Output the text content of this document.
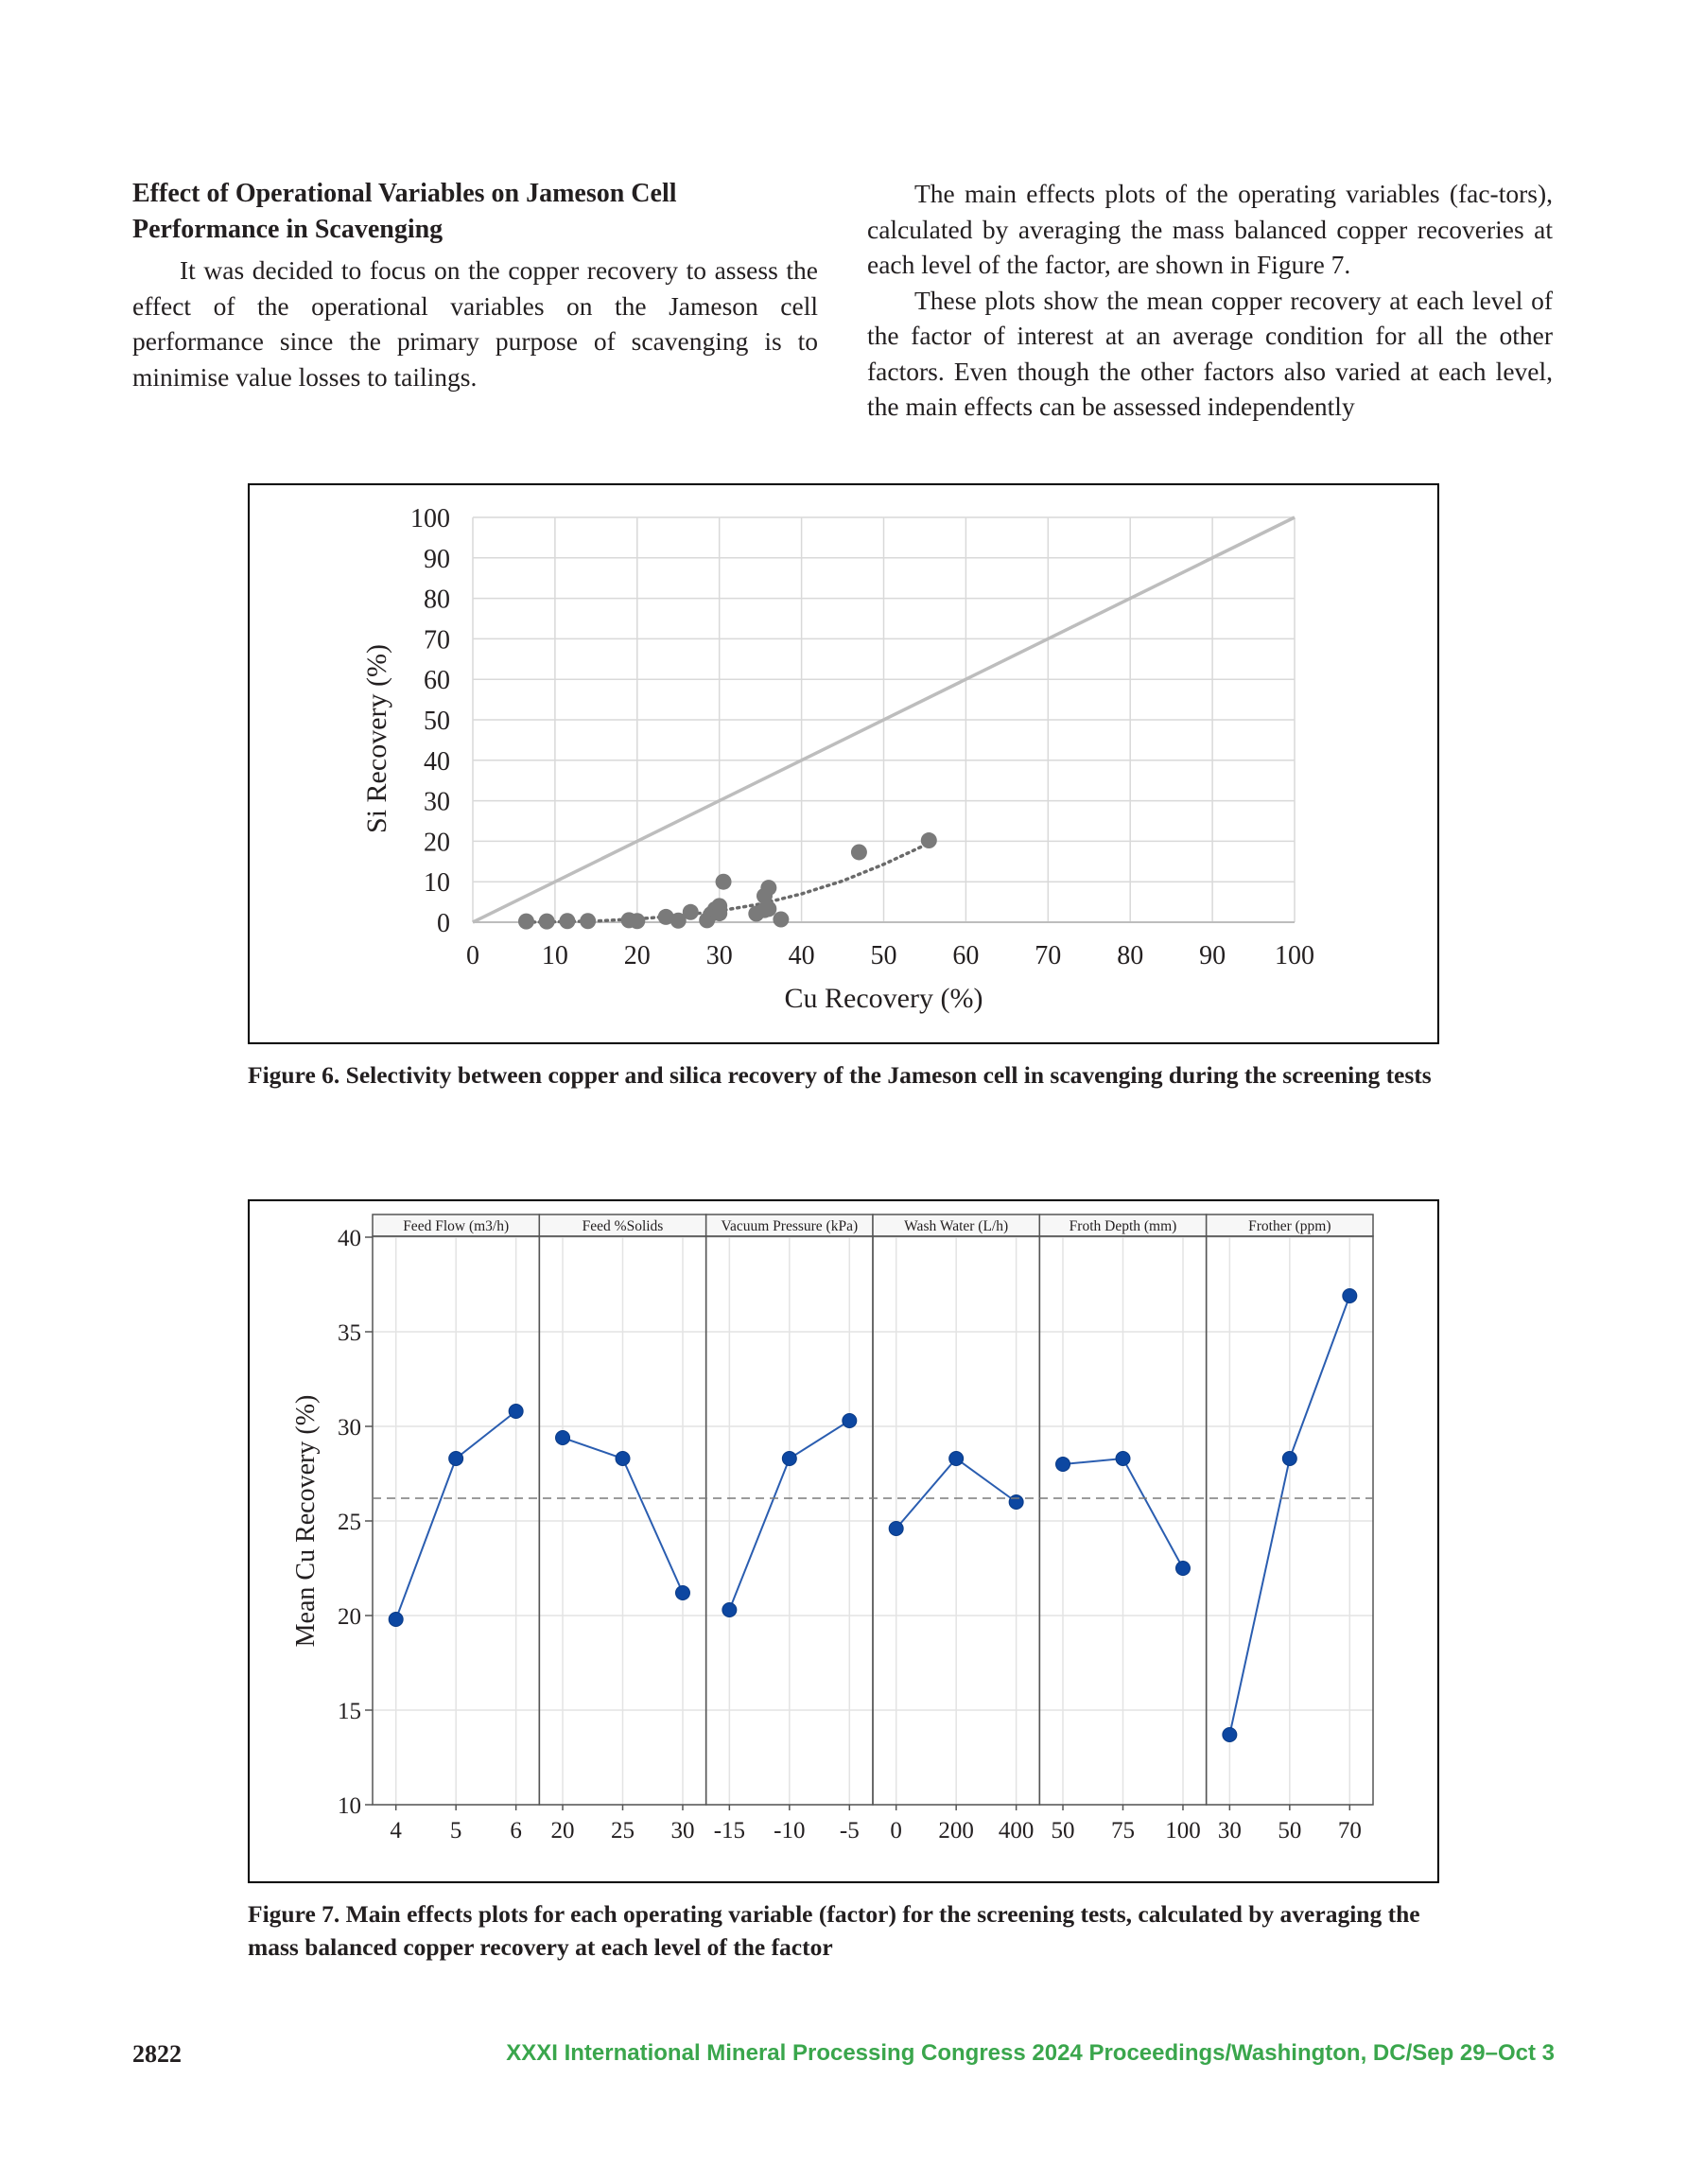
Effect of Operational Variables on Jameson Cell Performance in Scavenging

It was decided to focus on the copper recovery to assess the effect of the operational variables on the Jameson cell performance since the primary purpose of scavenging is to minimise value losses to tailings.

The main effects plots of the operating variables (fac-tors), calculated by averaging the mass balanced copper recoveries at each level of the factor, are shown in Figure 7.

These plots show the mean copper recovery at each level of the factor of interest at an average condition for all the other factors. Even though the other factors also varied at each level, the main effects can be assessed independently

0 10 20 30 40 50 60 70 80 90 100
0
10
20
30
40
50
60
70
80
90
100
Cu Recovery (%)
Si Recovery (%)
Figure 6. Selectivity between copper and silica recovery of the Jameson cell in scavenging during the screening tests
10
15
20
25
30
35
40	Feed Flow (m3/h)
4 5 6
Feed %Solids
20 25 30
Vacuum Pressure (kPa)
-15 -10 -5
Wash Water (L/h)
0 200 400
Froth Depth (mm)
50 75 100
Frother (ppm)
30 50 70
Mean Cu Recovery (%)
Figure 7. Main effects plots for each operating variable (factor) for the screening tests, calculated by averaging the mass balanced copper recovery at each level of the factor
2822	XXXI International Mineral Processing Congress 2024 Proceedings/Washington, DC/Sep 29–Oct 3
